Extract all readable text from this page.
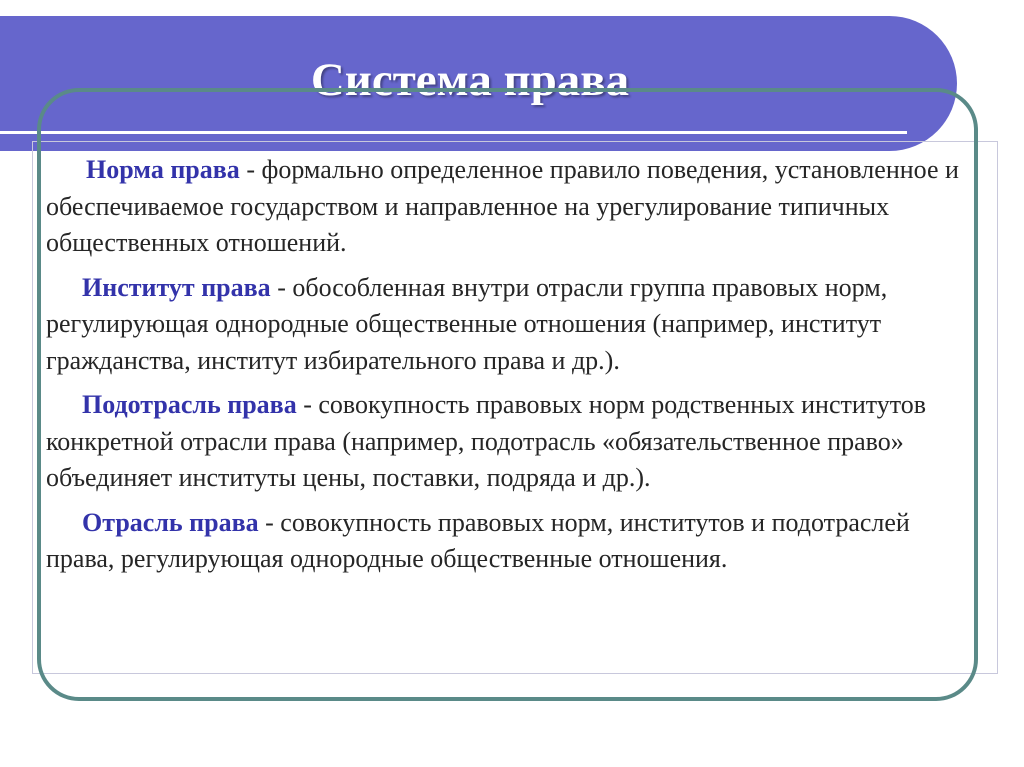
Система права

Норма права - формально определенное правило поведения, установленное и обеспечиваемое государством и направленное на урегулирование типичных общественных отношений.

Институт права - обособленная внутри отрасли группа правовых норм, регулирующая однородные общественные отношения (например, институт гражданства, институт избирательного права и др.).

Подотрасль права - совокупность правовых норм родственных институтов конкретной отрасли права (например, подотрасль «обязательственное право» объединяет институты цены, поставки, подряда и др.).

Отрасль права - совокупность правовых норм, институтов и подотраслей права, регулирующая однородные общественные отношения.
